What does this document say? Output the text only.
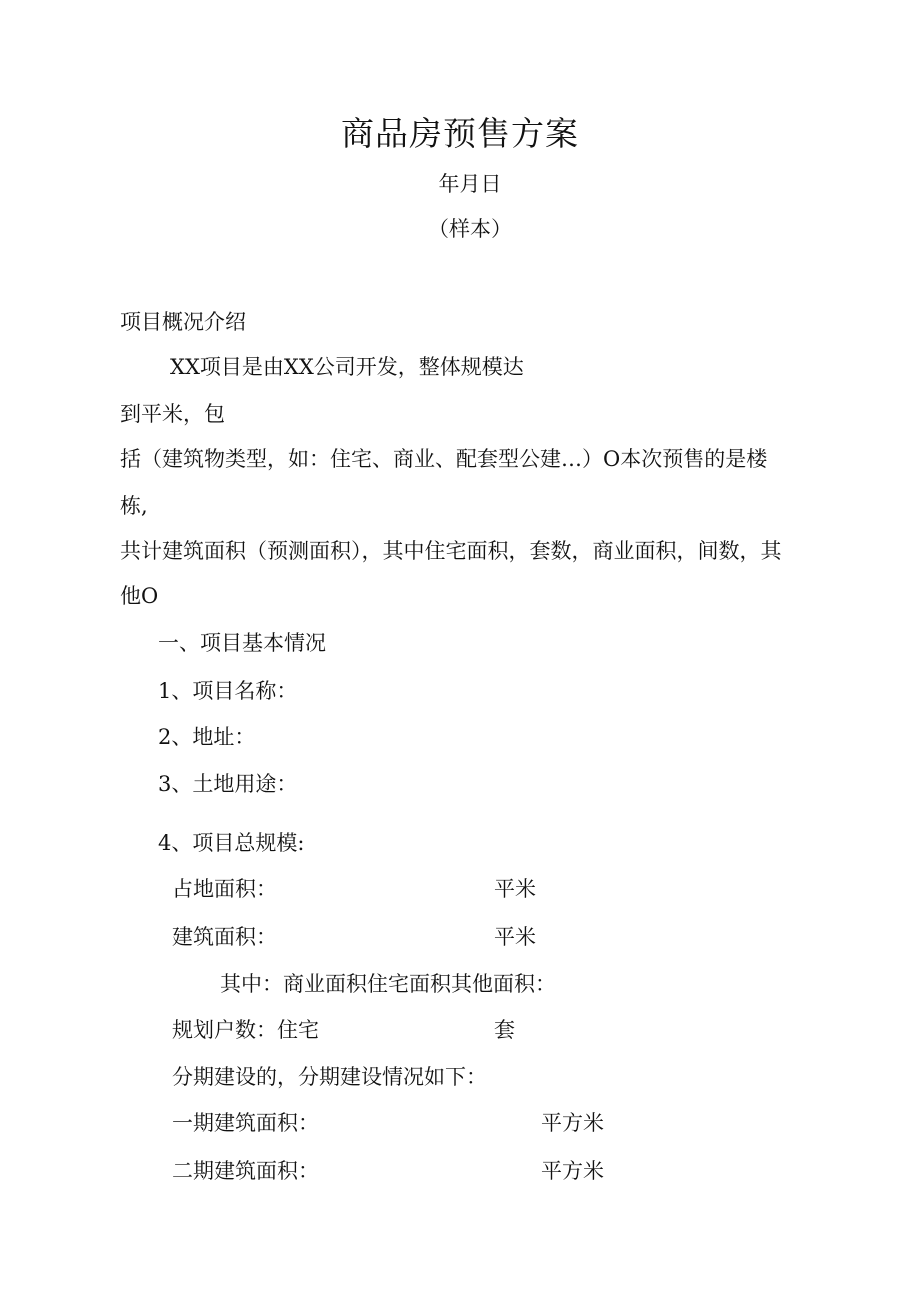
商品房预售方案
年月日
（样本）
项目概况介绍
XX项目是由XX公司开发，整体规模达
到平米，包
括（建筑物类型，如：住宅、商业、配套型公建…）O本次预售的是楼
栋,
共计建筑面积（预测面积），其中住宅面积，套数，商业面积，间数，其
他O
一、项目基本情况
1、项目名称：
2、地址：
3、土地用途：
4、项目总规模:
占地面积：	平米
建筑面积：	平米
其中：商业面积住宅面积其他面积：
规划户数：住宅	套
分期建设的，分期建设情况如下：
一期建筑面积：	平方米
二期建筑面积：	平方米
